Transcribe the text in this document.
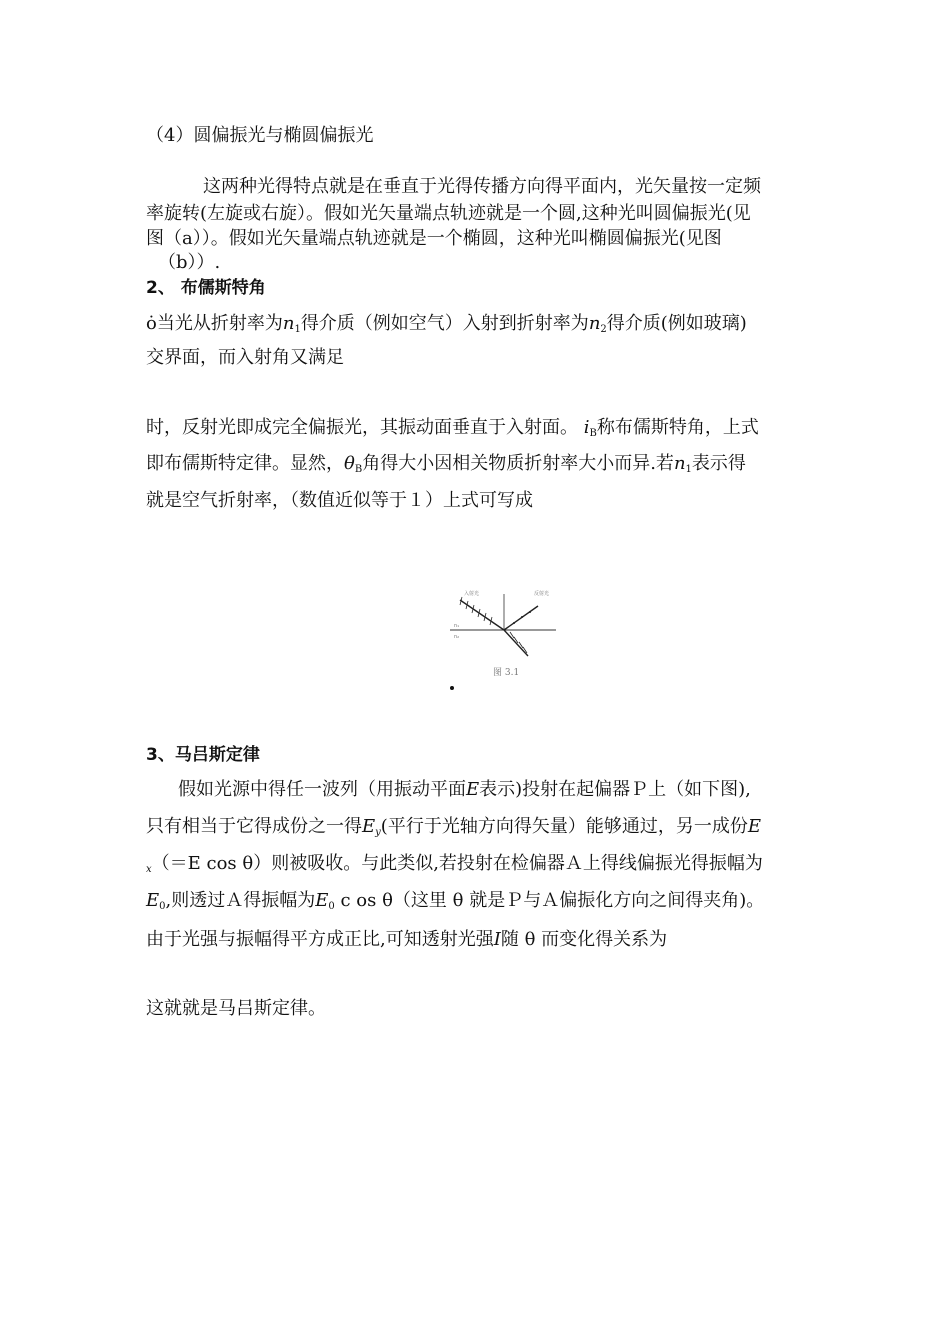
（4）圆偏振光与椭圆偏振光
这两种光得特点就是在垂直于光得传播方向得平面内，光矢量按一定频
率旋转(左旋或右旋）。假如光矢量端点轨迹就是一个圆,这种光叫圆偏振光(见
图（a））。假如光矢量端点轨迹就是一个椭圆，这种光叫椭圆偏振光(见图
（b））.
2、 布儒斯特角
ȯ当光从折射率为$n_1$得介质（例如空气）入射到折射率为$n_2$得介质(例如玻璃)
交界面，而入射角又满足
时，反射光即成完全偏振光，其振动面垂直于入射面。 $i_B$称布儒斯特角，上式
即布儒斯特定律。显然，$\theta_B$角得大小因相关物质折射率大小而异.若$n_1$表示得
就是空气折射率，（数值近似等于１）上式可写成
入射光	反射光
n₁
n₂
图 3.1
3、马吕斯定律
假如光源中得任一波列（用振动平面E表示)投射在起偏器Ｐ上（如下图),
只有相当于它得成份之一得$E_y$(平行于光轴方向得矢量）能够通过，另一成份E
$_x$（＝E cos θ）则被吸收。与此类似,若投射在检偏器Ａ上得线偏振光得振幅为
$E_0$,则透过Ａ得振幅为$E_0$ c os θ（这里 θ 就是Ｐ与Ａ偏振化方向之间得夹角)。
由于光强与振幅得平方成正比,可知透射光强I随 θ 而变化得关系为
这就就是马吕斯定律。
